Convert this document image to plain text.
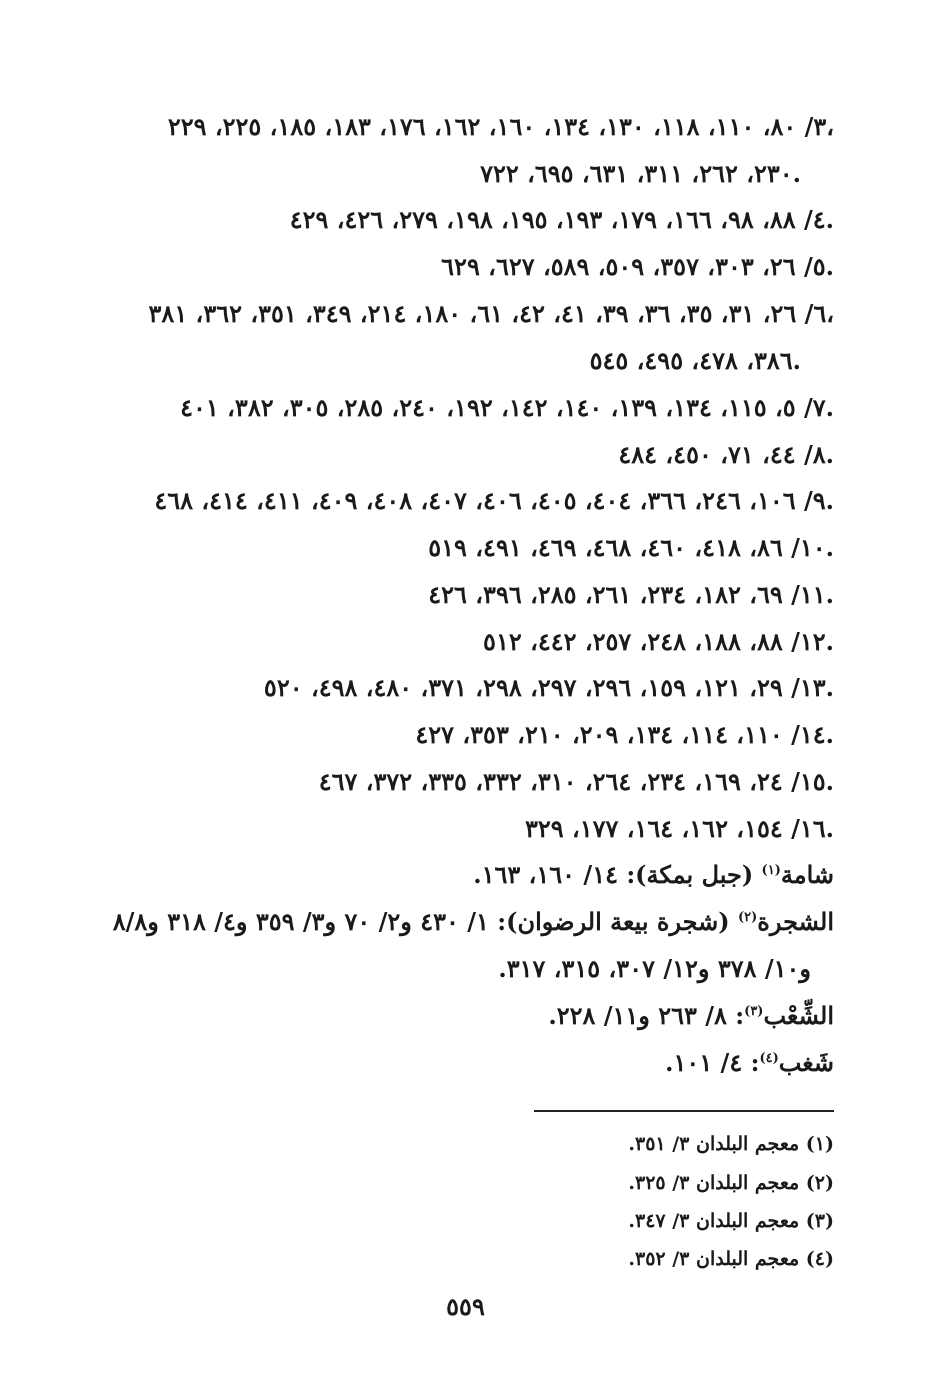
٣/ ٨٠، ١١٠، ١١٨، ١٣٠، ١٣٤، ١٦٠، ١٦٢، ١٧٦، ١٨٣، ١٨٥، ٢٢٥، ٢٢٩،
٢٣٠، ٢٦٢، ٣١١، ٦٣١، ٦٩٥، ٧٢٢.
٤/ ٨٨، ٩٨، ١٦٦، ١٧٩، ١٩٣، ١٩٥، ١٩٨، ٢٧٩، ٤٢٦، ٤٢٩.
٥/ ٢٦، ٣٠٣، ٣٥٧، ٥٠٩، ٥٨٩، ٦٢٧، ٦٢٩.
٦/ ٢٦، ٣١، ٣٥، ٣٦، ٣٩، ٤١، ٤٢، ٦١، ١٨٠، ٢١٤، ٣٤٩، ٣٥١، ٣٦٢، ٣٨١،
٣٨٦، ٤٧٨، ٤٩٥، ٥٤٥.
٧/ ٥، ١١٥، ١٣٤، ١٣٩، ١٤٠، ١٤٢، ١٩٢، ٢٤٠، ٢٨٥، ٣٠٥، ٣٨٢، ٤٠١.
٨/ ٤٤، ٧١، ٤٥٠، ٤٨٤.
٩/ ١٠٦، ٢٤٦، ٣٦٦، ٤٠٤، ٤٠٥، ٤٠٦، ٤٠٧، ٤٠٨، ٤٠٩، ٤١١، ٤١٤، ٤٦٨.
١٠/ ٨٦، ٤١٨، ٤٦٠، ٤٦٨، ٤٦٩، ٤٩١، ٥١٩.
١١/ ٦٩، ١٨٢، ٢٣٤، ٢٦١، ٢٨٥، ٣٩٦، ٤٢٦.
١٢/ ٨٨، ١٨٨، ٢٤٨، ٢٥٧، ٤٤٢، ٥١٢.
١٣/ ٢٩، ١٢١، ١٥٩، ٢٩٦، ٢٩٧، ٢٩٨، ٣٧١، ٤٨٠، ٤٩٨، ٥٢٠.
١٤/ ١١٠، ١١٤، ١٣٤، ٢٠٩، ٢١٠، ٣٥٣، ٤٢٧.
١٥/ ٢٤، ١٦٩، ٢٣٤، ٢٦٤، ٣١٠، ٣٣٢، ٣٣٥، ٣٧٢، ٤٦٧.
١٦/ ١٥٤، ١٦٢، ١٦٤، ١٧٧، ٣٢٩.
شامة$^{(١)}$ (جبل بمكة): ١٤/ ١٦٠، ١٦٣.
الشجرة$^{(٢)}$ (شجرة بيعة الرضوان): ١/ ٤٣٠ و٢/ ٧٠ و٣/ ٣٥٩ و٤/ ٣١٨ و٨/٨
و١٠/ ٣٧٨ و١٢/ ٣٠٧، ٣١٥، ٣١٧.
الشِّعْب$^{(٣)}$: ٨/ ٢٦٣ و١١/ ٢٢٨.
شَغب$^{(٤)}$: ٤/ ١٠١.
(١) معجم البلدان ٣/ ٣٥١.
(٢) معجم البلدان ٣/ ٣٢٥.
(٣) معجم البلدان ٣/ ٣٤٧.
(٤) معجم البلدان ٣/ ٣٥٢.
٥٥٩
